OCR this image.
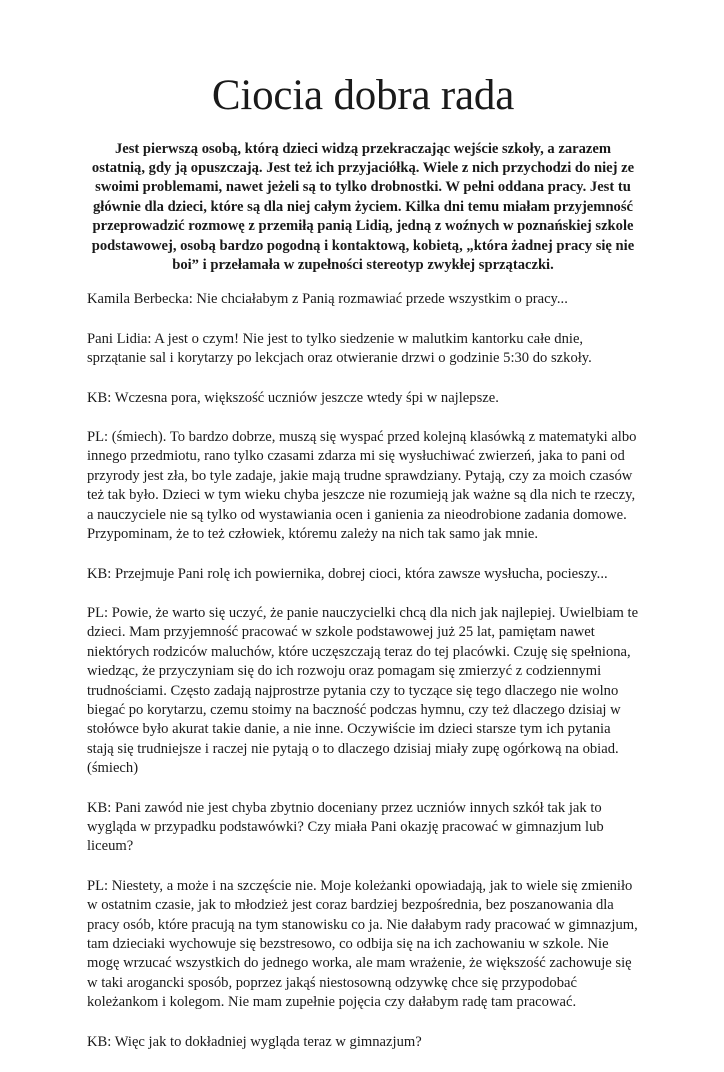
Ciocia dobra rada

Jest pierwszą osobą, którą dzieci widzą przekraczając wejście szkoły, a zarazem ostatnią, gdy ją opuszczają. Jest też ich przyjaciółką. Wiele z nich przychodzi do niej ze swoimi problemami, nawet jeżeli są to tylko drobnostki. W pełni oddana pracy. Jest tu głównie dla dzieci, które są dla niej całym życiem. Kilka dni temu miałam przyjemność przeprowadzić rozmowę z przemiłą panią Lidią, jedną z woźnych w poznańskiej szkole podstawowej, osobą bardzo pogodną i kontaktową, kobietą, „która żadnej pracy się nie boi” i przełamała w zupełności stereotyp zwykłej sprzątaczki.

Kamila Berbecka: Nie chciałabym z Panią rozmawiać przede wszystkim o pracy...

Pani Lidia: A jest o czym! Nie jest to tylko siedzenie w malutkim kantorku całe dnie, sprzątanie sal i korytarzy po lekcjach oraz otwieranie drzwi o godzinie 5:30 do szkoły.

KB: Wczesna pora, większość uczniów jeszcze wtedy śpi w najlepsze.

PL: (śmiech). To bardzo dobrze, muszą się wyspać przed kolejną klasówką z matematyki albo innego przedmiotu, rano tylko czasami zdarza mi się wysłuchiwać zwierzeń, jaka to pani od przyrody jest zła, bo tyle zadaje, jakie mają trudne sprawdziany. Pytają, czy za moich czasów też tak było. Dzieci w tym wieku chyba jeszcze nie rozumieją jak ważne są dla nich te rzeczy, a nauczyciele nie są tylko od wystawiania ocen i ganienia za nieodrobione zadania domowe. Przypominam, że to też człowiek, któremu zależy na nich tak samo jak mnie.

KB: Przejmuje Pani rolę ich powiernika, dobrej cioci, która zawsze wysłucha, pocieszy...

PL: Powie, że warto się uczyć, że panie nauczycielki chcą dla nich jak najlepiej. Uwielbiam te dzieci. Mam przyjemność pracować w szkole podstawowej już 25 lat, pamiętam nawet niektórych rodziców maluchów, które uczęszczają teraz do tej placówki. Czuję się spełniona, wiedząc, że przyczyniam się do ich rozwoju oraz pomagam się zmierzyć z codziennymi trudnościami. Często zadają najprostrze pytania czy to tyczące się tego dlaczego nie wolno biegać po korytarzu, czemu stoimy na baczność podczas hymnu, czy też dlaczego dzisiaj w stołówce było akurat takie danie, a nie inne. Oczywiście im dzieci starsze tym ich pytania stają się trudniejsze i raczej nie pytają o to dlaczego dzisiaj miały zupę ogórkową na obiad. (śmiech)

KB: Pani zawód nie jest chyba zbytnio doceniany przez uczniów innych szkół tak jak to wygląda w przypadku podstawówki? Czy miała Pani okazję pracować w gimnazjum lub liceum?

PL: Niestety, a może i na szczęście nie. Moje koleżanki opowiadają, jak to wiele się zmieniło w ostatnim czasie, jak to młodzież jest coraz bardziej bezpośrednia, bez poszanowania dla pracy osób, które pracują na tym stanowisku co ja. Nie dałabym rady pracować w gimnazjum, tam dzieciaki wychowuje się bezstresowo, co odbija się na ich zachowaniu w szkole. Nie mogę wrzucać wszystkich do jednego worka, ale mam wrażenie, że większość zachowuje się w taki arogancki sposób, poprzez jakąś niestosowną odzywkę chce się przypodobać koleżankom i kolegom. Nie mam zupełnie pojęcia czy dałabym radę tam pracować.

KB: Więc jak to dokładniej wygląda teraz w gimnazjum?
